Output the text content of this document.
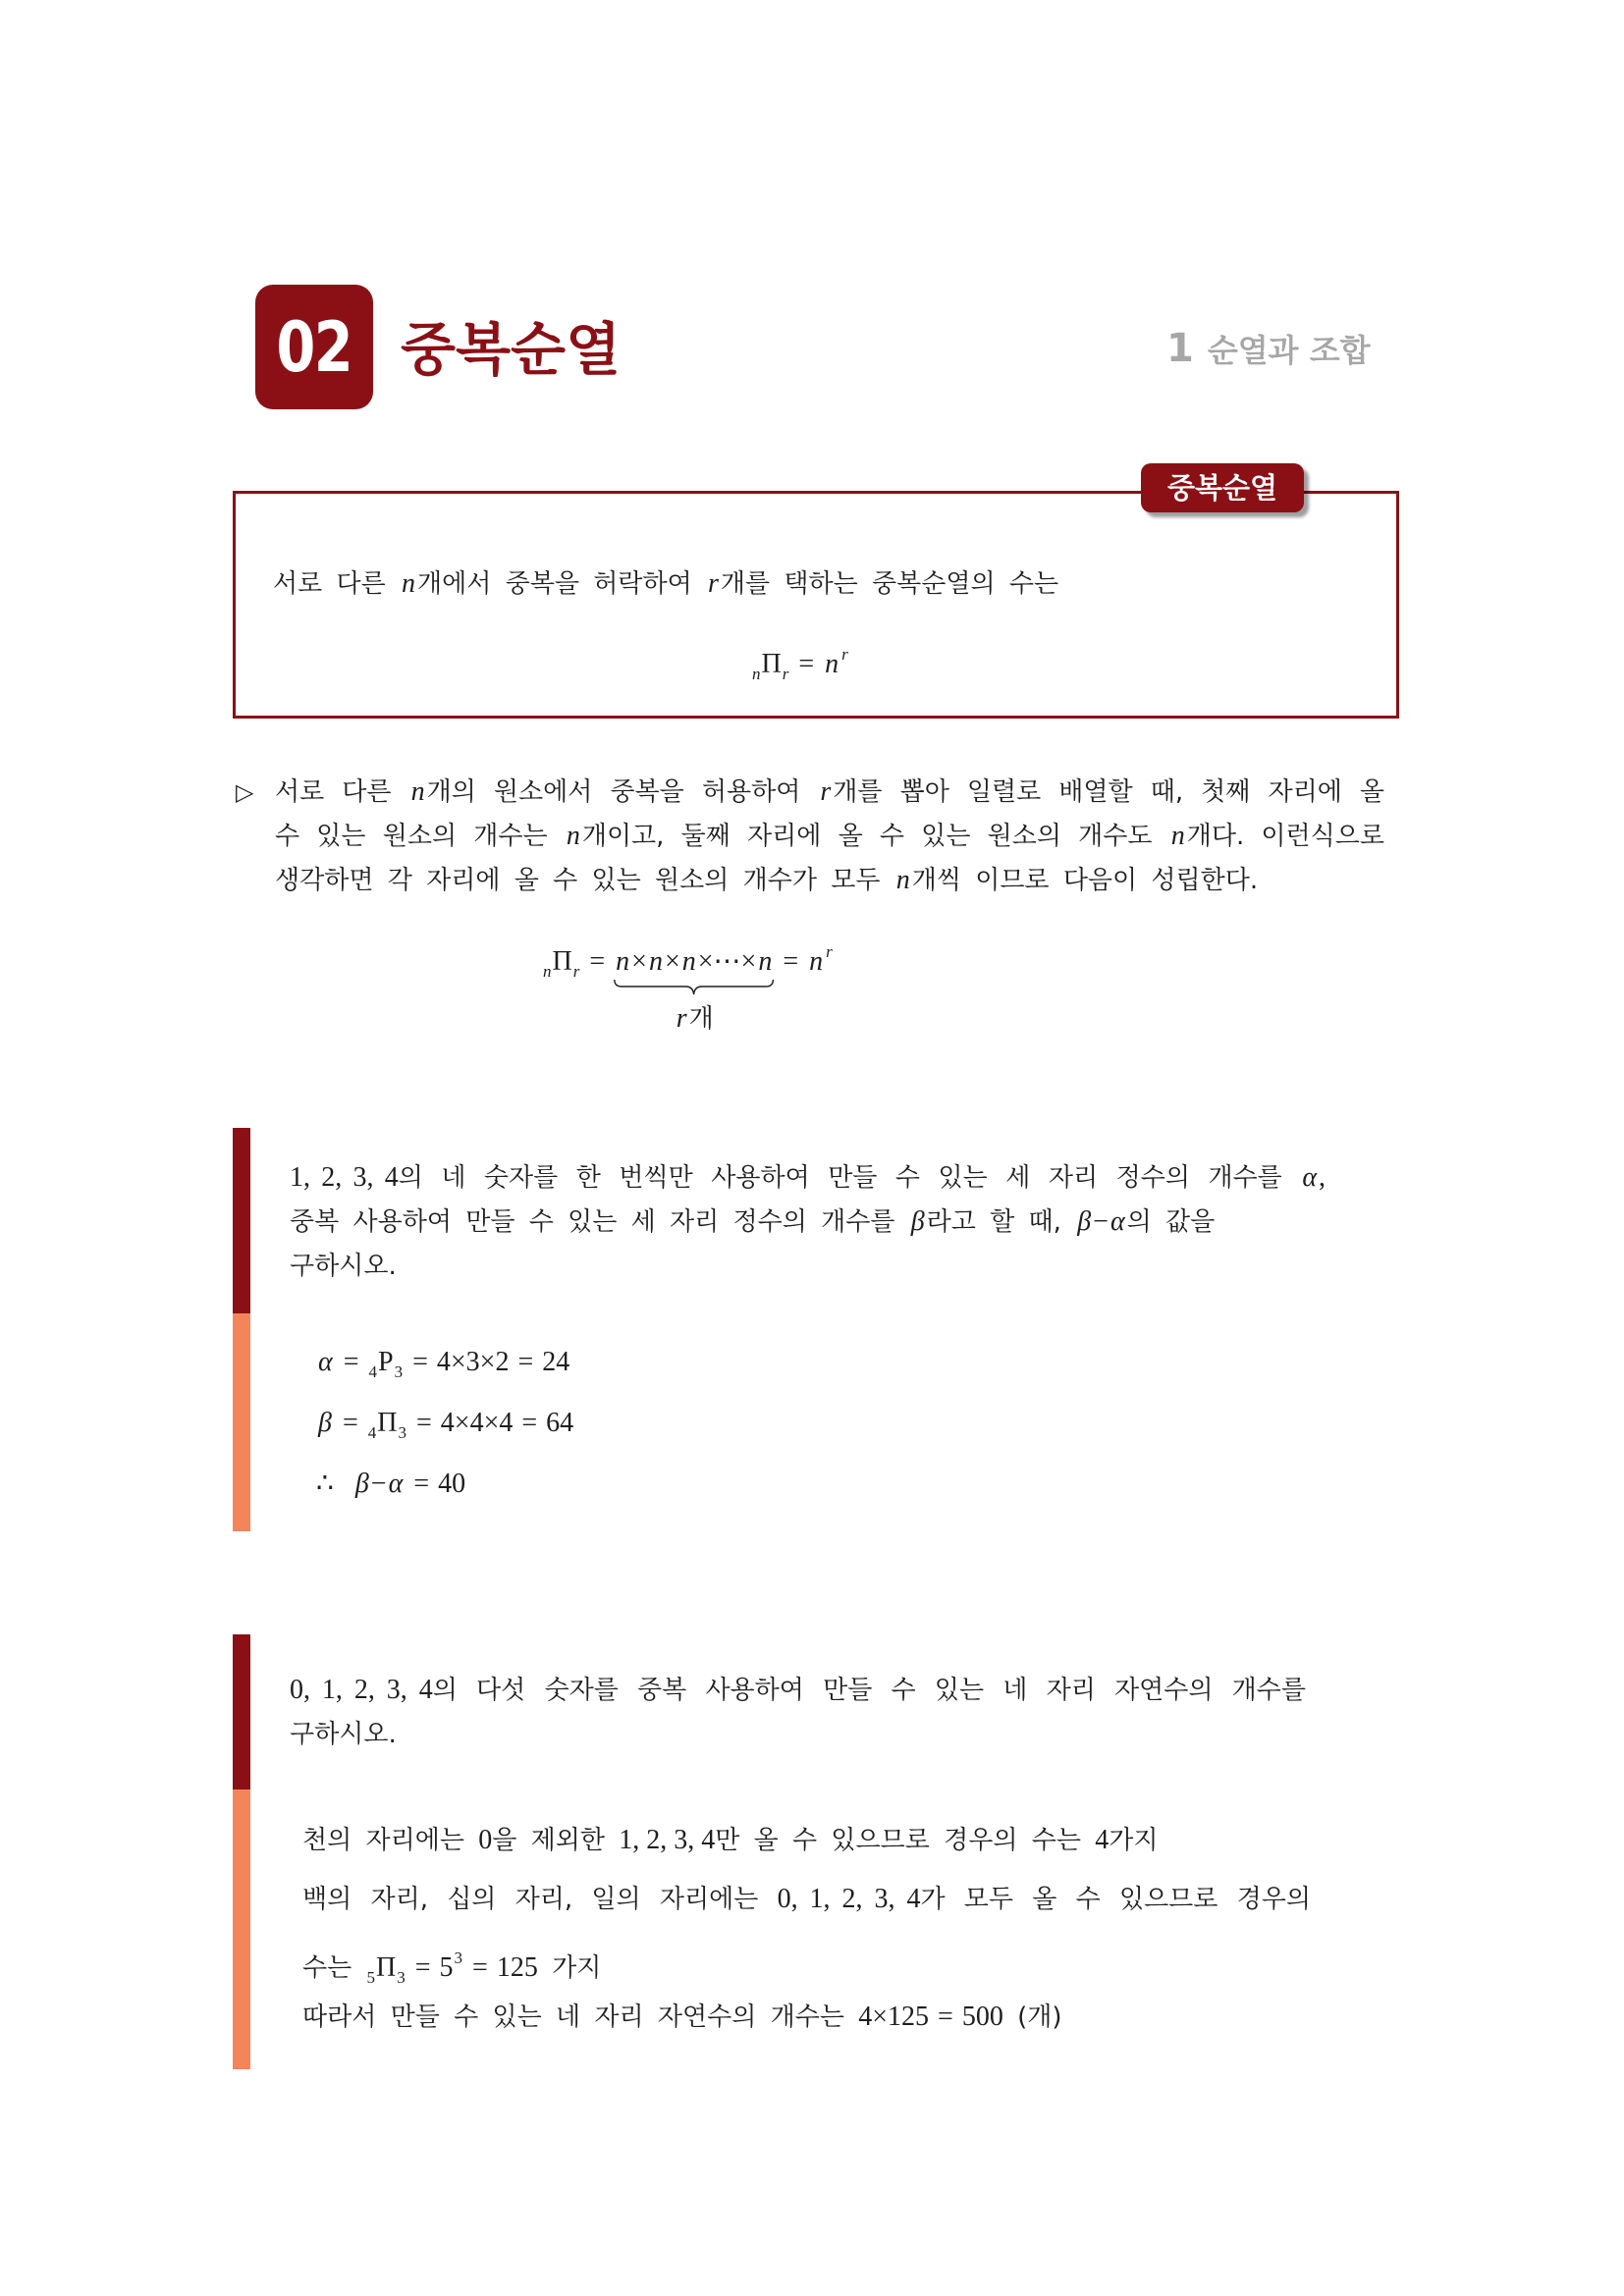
02 중복순열	1 순열과 조합
중복순열
서로 다른 n개에서 중복을 허락하여 r개를 택하는 중복순열의 수는
$_n\Pi_r = n$ $^r$
▷ 서로 다른 n개의 원소에서 중복을 허용하여 r개를 뽑아 일렬로 배열할 때, 첫째 자리에 올
수 있는 원소의 개수는 n개이고, 둘째 자리에 올 수 있는 원소의 개수도 n개다. 이런식으로
생각하면 각 자리에 올 수 있는 원소의 개수가 모두 n개씩 이므로 다음이 성립한다.
$_n\Pi_r$ = n×n×n×⋯×n
r개
= n $^r$
1, 2, 3, 4의 네 숫자를 한 번씩만 사용하여 만들 수 있는 세 자리 정수의 개수를 α,
중복 사용하여 만들 수 있는 세 자리 정수의 개수를 β라고 할 때, β−α의 값을
구하시오.
$\alpha = _4P_3 = 4\times 3\times 2 = 24$
$\beta = _4\Pi_3 = 4\times 4\times 4 = 64$
∴ β−α = 40
0, 1, 2, 3, 4의 다섯 숫자를 중복 사용하여 만들 수 있는 네 자리 자연수의 개수를
구하시오.
천의 자리에는 0을 제외한 1, 2, 3, 4만 올 수 있으므로 경우의 수는 4가지
백의 자리, 십의 자리, 일의 자리에는 0, 1, 2, 3, 4가 모두 올 수 있으므로 경우의
수는 $_5\Pi_3 = 5^3 = 125$ 가지
따라서 만들 수 있는 네 자리 자연수의 개수는 4×125 = 500 (개)
